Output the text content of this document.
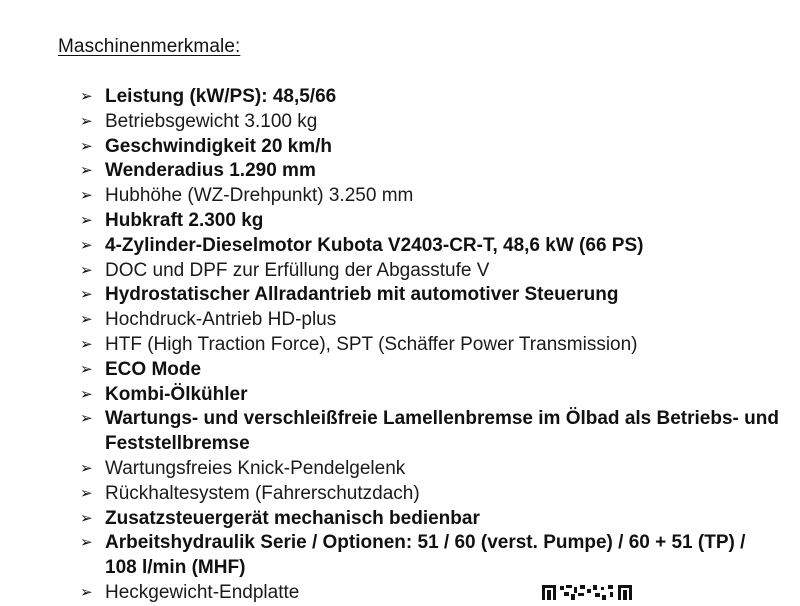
Maschinenmerkmale:
➢ Leistung (kW/PS): 48,5/66
➢ Betriebsgewicht 3.100 kg
➢ Geschwindigkeit 20 km/h
➢ Wenderadius 1.290 mm
➢ Hubhöhe (WZ-Drehpunkt) 3.250 mm
➢ Hubkraft 2.300 kg
➢ 4-Zylinder-Dieselmotor Kubota V2403-CR-T, 48,6 kW (66 PS)
➢ DOC und DPF zur Erfüllung der Abgasstufe V
➢ Hydrostatischer Allradantrieb mit automotiver Steuerung
➢ Hochdruck-Antrieb HD-plus
➢ HTF (High Traction Force), SPT (Schäffer Power Transmission)
➢ ECO Mode
➢ Kombi-Ölkühler
➢ Wartungs- und verschleißfreie Lamellenbremse im Ölbad als Betriebs- und Feststellbremse
➢ Wartungsfreies Knick-Pendelgelenk
➢ Rückhaltesystem (Fahrerschutzdach)
➢ Zusatzsteuergerät mechanisch bedienbar
➢ Arbeitshydraulik Serie / Optionen: 51 / 60 (verst. Pumpe) / 60 + 51 (TP) / 108 l/min (MHF)
➢ Heckgewicht-Endplatte
